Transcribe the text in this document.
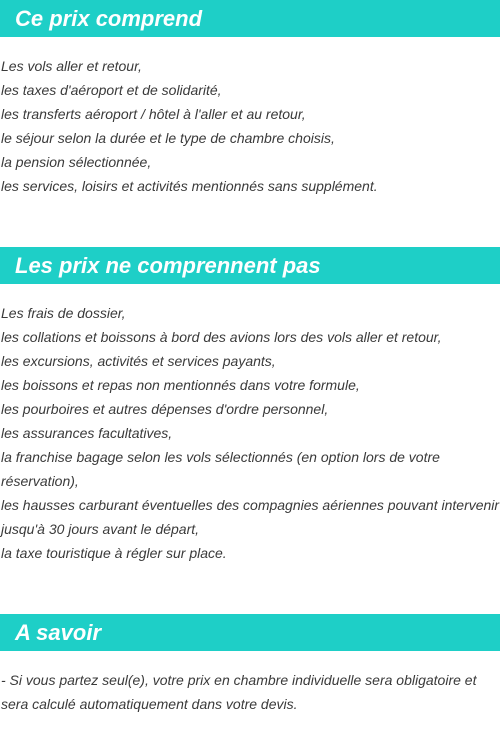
Ce prix comprend
Les vols aller et retour,
les taxes d'aéroport et de solidarité,
les transferts aéroport / hôtel à l'aller et au retour,
le séjour selon la durée et le type de chambre choisis,
la pension sélectionnée,
les services, loisirs et activités mentionnés sans supplément.
Les prix ne comprennent pas
Les frais de dossier,
les collations et boissons à bord des avions lors des vols aller et retour,
les excursions, activités et services payants,
les boissons et repas non mentionnés dans votre formule,
les pourboires et autres dépenses d'ordre personnel,
les assurances facultatives,
la franchise bagage selon les vols sélectionnés (en option lors de votre réservation),
les hausses carburant éventuelles des compagnies aériennes pouvant intervenir
jusqu'à 30 jours avant le départ,
la taxe touristique à régler sur place.
A savoir

- Si vous partez seul(e), votre prix en chambre individuelle sera obligatoire et sera calculé automatiquement dans votre devis.
